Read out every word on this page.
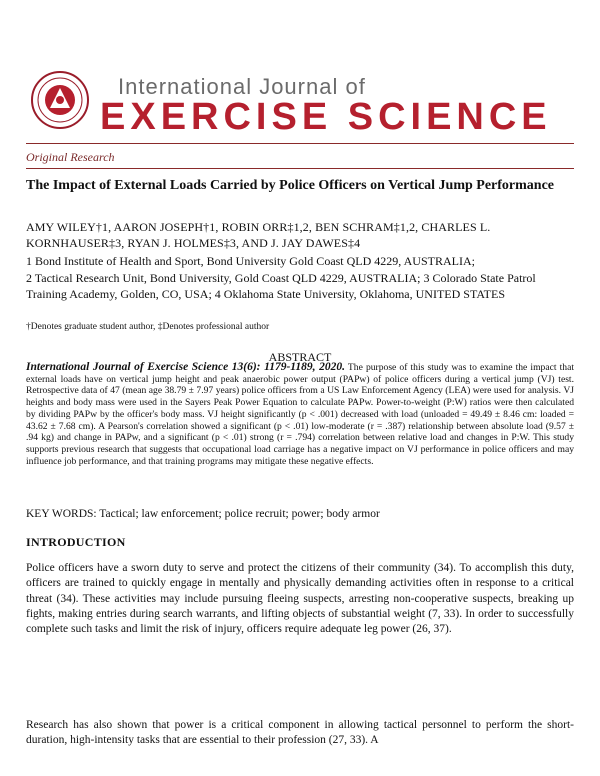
International Journal of
EXERCISE SCIENCE
Original Research
The Impact of External Loads Carried by Police Officers on Vertical Jump Performance
AMY WILEY†1, AARON JOSEPH†1, ROBIN ORR‡1,2, BEN SCHRAM‡1,2, CHARLES L. KORNHAUSER‡3, RYAN J. HOLMES‡3, AND J. JAY DAWES‡4
1 Bond Institute of Health and Sport, Bond University Gold Coast QLD 4229, AUSTRALIA;
2 Tactical Research Unit, Bond University, Gold Coast QLD 4229, AUSTRALIA; 3 Colorado State Patrol Training Academy, Golden, CO, USA; 4 Oklahoma State University, Oklahoma, UNITED STATES
†Denotes graduate student author, ‡Denotes professional author
ABSTRACT
International Journal of Exercise Science 13(6): 1179-1189, 2020. The purpose of this study was to examine the impact that external loads have on vertical jump height and peak anaerobic power output (PAPw) of police officers during a vertical jump (VJ) test. Retrospective data of 47 (mean age 38.79 ± 7.97 years) police officers from a US Law Enforcement Agency (LEA) were used for analysis. VJ heights and body mass were used in the Sayers Peak Power Equation to calculate PAPw. Power-to-weight (P:W) ratios were then calculated by dividing PAPw by the officer's body mass. VJ height significantly (p < .001) decreased with load (unloaded = 49.49 ± 8.46 cm: loaded = 43.62 ± 7.68 cm). A Pearson's correlation showed a significant (p < .01) low-moderate (r = .387) relationship between absolute load (9.57 ± .94 kg) and change in PAPw, and a significant (p < .01) strong (r = .794) correlation between relative load and changes in P:W. This study supports previous research that suggests that occupational load carriage has a negative impact on VJ performance in police officers and may influence job performance, and that training programs may mitigate these negative effects.
KEY WORDS: Tactical; law enforcement; police recruit; power; body armor
INTRODUCTION
Police officers have a sworn duty to serve and protect the citizens of their community (34). To accomplish this duty, officers are trained to quickly engage in mentally and physically demanding activities often in response to a critical threat (34). These activities may include pursuing fleeing suspects, arresting non-cooperative suspects, breaking up fights, making entries during search warrants, and lifting objects of substantial weight (7, 33). In order to successfully complete such tasks and limit the risk of injury, officers require adequate leg power (26, 37).
Research has also shown that power is a critical component in allowing tactical personnel to perform the short-duration, high-intensity tasks that are essential to their profession (27, 33). A
